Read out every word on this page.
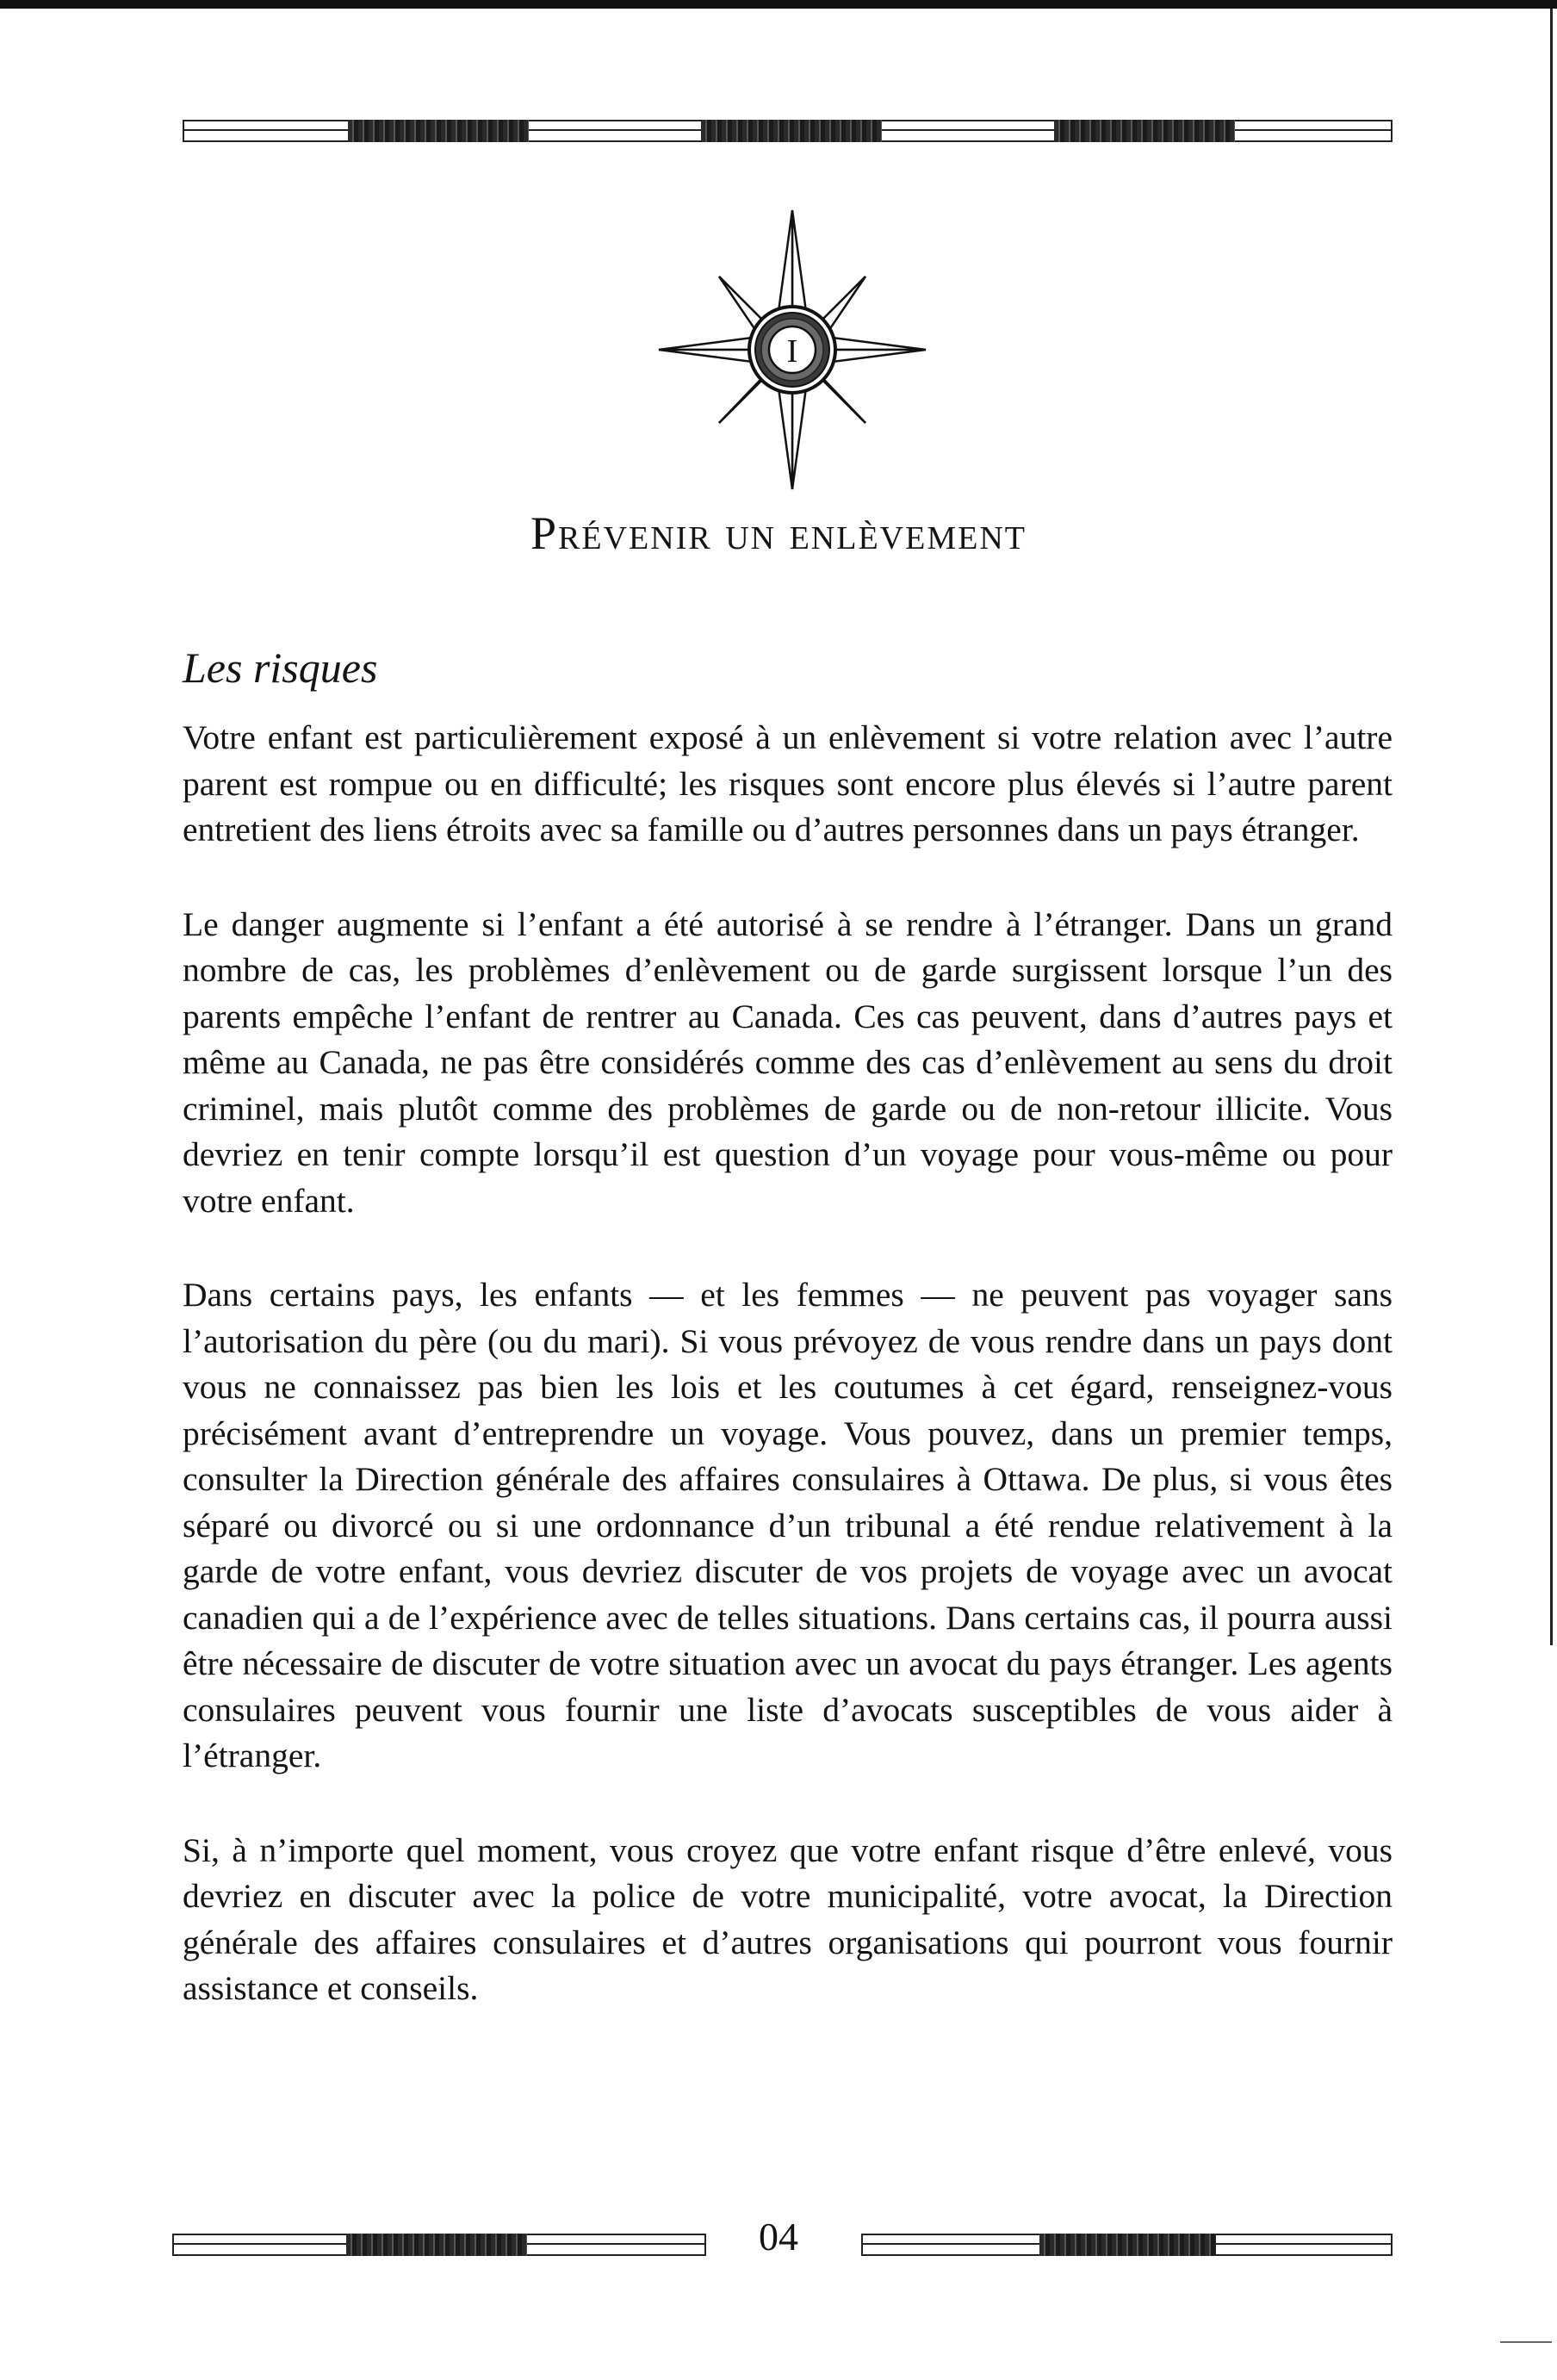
I
Prévenir un enlèvement
Les risques

Votre enfant est particulièrement exposé à un enlèvement si votre relation avec l’autre parent est rompue ou en difficulté; les risques sont encore plus élevés si l’autre parent entretient des liens étroits avec sa famille ou d’autres personnes dans un pays étranger.

Le danger augmente si l’enfant a été autorisé à se rendre à l’étranger. Dans un grand nombre de cas, les problèmes d’enlèvement ou de garde surgissent lorsque l’un des parents empêche l’enfant de rentrer au Canada. Ces cas peuvent, dans d’autres pays et même au Canada, ne pas être considérés comme des cas d’enlèvement au sens du droit criminel, mais plutôt comme des problèmes de garde ou de non-retour illicite. Vous devriez en tenir compte lorsqu’il est question d’un voyage pour vous-même ou pour votre enfant.

Dans certains pays, les enfants — et les femmes — ne peuvent pas voyager sans l’autorisation du père (ou du mari). Si vous prévoyez de vous rendre dans un pays dont vous ne connaissez pas bien les lois et les coutumes à cet égard, renseignez-vous précisément avant d’entreprendre un voyage. Vous pouvez, dans un premier temps, consulter la Direction générale des affaires consulaires à Ottawa. De plus, si vous êtes séparé ou divorcé ou si une ordonnance d’un tribunal a été rendue relativement à la garde de votre enfant, vous devriez discuter de vos projets de voyage avec un avocat canadien qui a de l’expérience avec de telles situations. Dans certains cas, il pourra aussi être nécessaire de discuter de votre situation avec un avocat du pays étranger. Les agents consulaires peuvent vous fournir une liste d’avocats susceptibles de vous aider à l’étranger.

Si, à n’importe quel moment, vous croyez que votre enfant risque d’être enlevé, vous devriez en discuter avec la police de votre municipalité, votre avocat, la Direction générale des affaires consulaires et d’autres organisations qui pourront vous fournir assistance et conseils.

04
